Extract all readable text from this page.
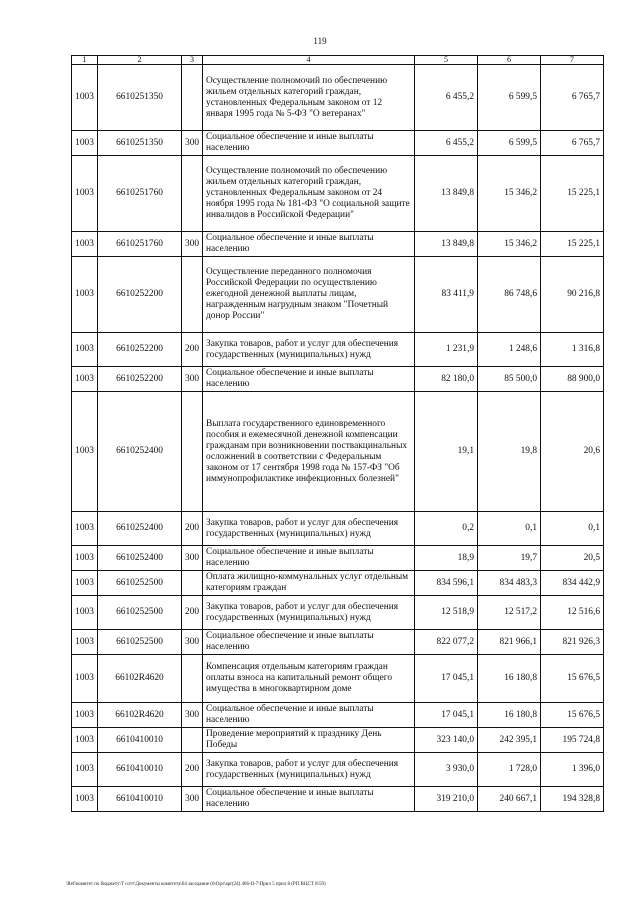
119
1	2	3	4	5	6	7
1003	6610251350		Осуществление полномочий по обеспечению жильем отдельных категорий граждан, установленных Федеральным законом от 12 января 1995 года № 5-ФЗ "О ветеранах"	6 455,2	6 599,5	6 765,7
1003	6610251350	300	Социальное обеспечение и иные выплаты населению	6 455,2	6 599,5	6 765,7
1003	6610251760		Осуществление полномочий по обеспечению жильем отдельных категорий граждан, установленных Федеральным законом от 24 ноября 1995 года № 181-ФЗ "О социальной защите инвалидов в Российской Федерации"	13 849,8	15 346,2	15 225,1
1003	6610251760	300	Социальное обеспечение и иные выплаты населению	13 849,8	15 346,2	15 225,1
1003	6610252200		Осуществление переданного полномочия Российской Федерации по осуществлению ежегодной денежной выплаты лицам, награжденным нагрудным знаком "Почетный донор России"	83 411,9	86 748,6	90 216,8
1003	6610252200	200	Закупка товаров, работ и услуг для обеспечения государственных (муниципальных) нужд	1 231,9	1 248,6	1 316,8
1003	6610252200	300	Социальное обеспечение и иные выплаты населению	82 180,0	85 500,0	88 900,0
1003	6610252400		Выплата государственного единовременного пособия и ежемесячной денежной компенсации гражданам при возникновении поствакцинальных осложнений в соответствии с Федеральным законом от 17 сентября 1998 года № 157-ФЗ "Об иммунопрофилактике инфекционных болезней"	19,1	19,8	20,6
1003	6610252400	200	Закупка товаров, работ и услуг для обеспечения государственных (муниципальных) нужд	0,2	0,1	0,1
1003	6610252400	300	Социальное обеспечение и иные выплаты населению	18,9	19,7	20,5
1003	6610252500		Оплата жилищно-коммунальных услуг отдельным категориям граждан	834 596,1	834 483,3	834 442,9
1003	6610252500	200	Закупка товаров, работ и услуг для обеспечения государственных (муниципальных) нужд	12 518,9	12 517,2	12 516,6
1003	6610252500	300	Социальное обеспечение и иные выплаты населению	822 077,2	821 966,1	821 926,3
1003	66102R4620		Компенсация отдельным категориям граждан оплаты взноса на капитальный ремонт общего имущества в многоквартирном доме	17 045,1	16 180,8	15 676,5
1003	66102R4620	300	Социальное обеспечение и иные выплаты населению	17 045,1	16 180,8	15 676,5
1003	6610410010		Проведение мероприятий к празднику День Победы	323 140,0	242 395,1	195 724,8
1003	6610410010	200	Закупка товаров, работ и услуг для обеспечения государственных (муниципальных) нужд	3 930,0	1 728,0	1 396,0
1003	6610410010	300	Социальное обеспечение и иные выплаты населению	319 210,0	240 667,1	194 328,8
\Ref\комитет по бюджету\Т сотт\Документы комитета\64 заседание (04)\pr\apr(24) 466-II-7\Прил 5 прил 8 (РП ВЦСТ 8\59)
